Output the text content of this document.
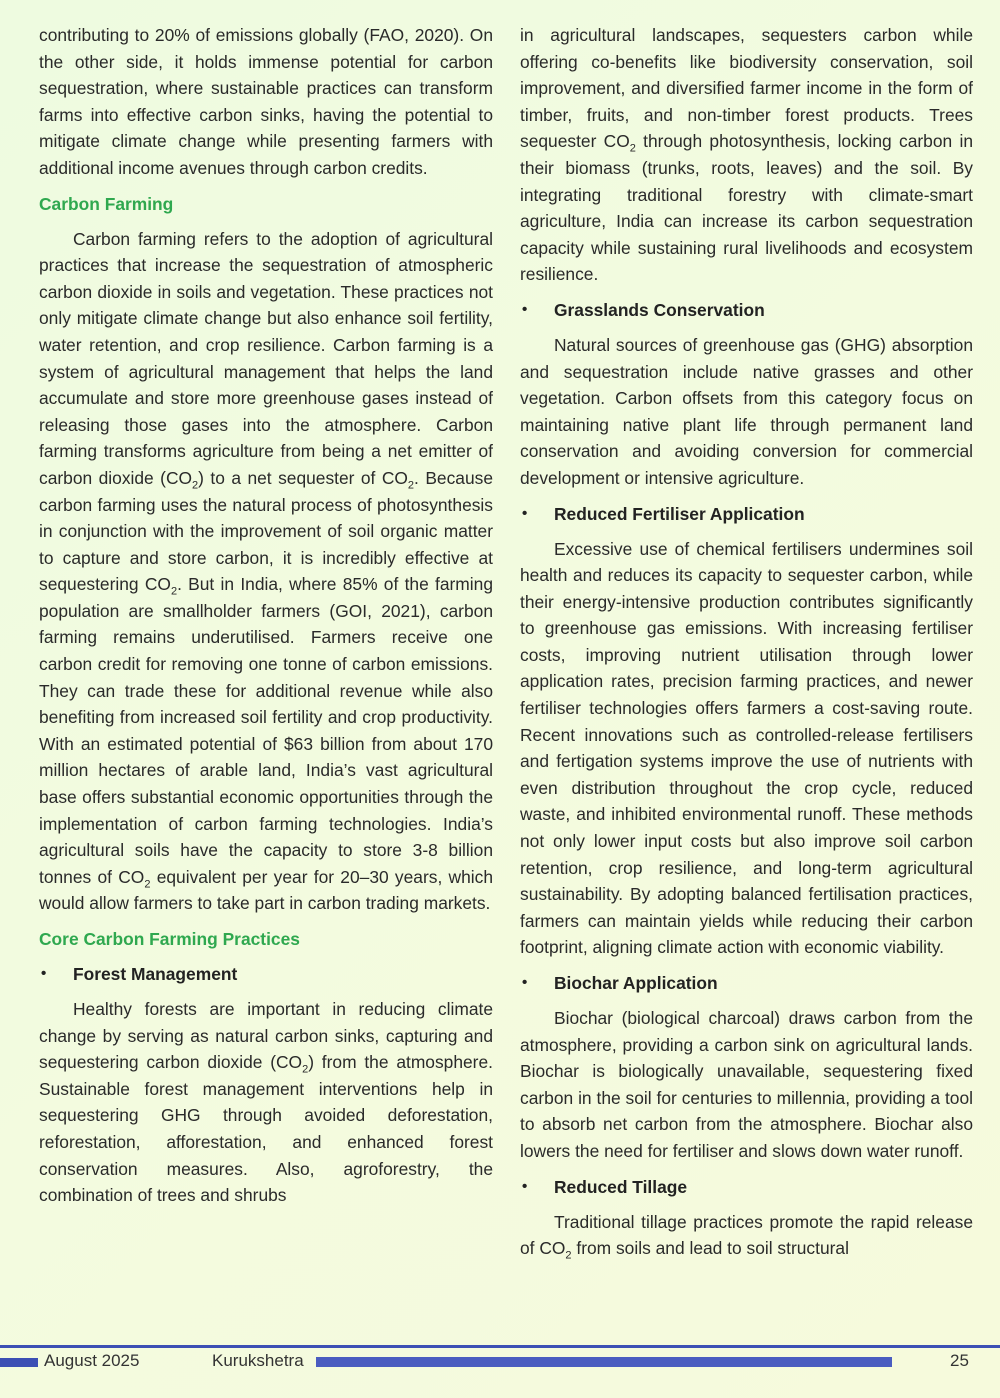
contributing to 20% of emissions globally (FAO, 2020). On the other side, it holds immense potential for carbon sequestration, where sustainable practices can transform farms into effective carbon sinks, having the potential to mitigate climate change while presenting farmers with additional income avenues through carbon credits.

Carbon Farming

Carbon farming refers to the adoption of agricultural practices that increase the sequestration of atmospheric carbon dioxide in soils and vegetation. These practices not only mitigate climate change but also enhance soil fertility, water retention, and crop resilience. Carbon farming is a system of agricultural management that helps the land accumulate and store more greenhouse gases instead of releasing those gases into the atmosphere. Carbon farming transforms agriculture from being a net emitter of carbon dioxide $(CO_2)$ to a net sequester of $CO_2$. Because carbon farming uses the natural process of photosynthesis in conjunction with the improvement of soil organic matter to capture and store carbon, it is incredibly effective at sequestering $CO_2$. But in India, where 85% of the farming population are smallholder farmers (GOI, 2021), carbon farming remains underutilised. Farmers receive one carbon credit for removing one tonne of carbon emissions. They can trade these for additional revenue while also benefiting from increased soil fertility and crop productivity. With an estimated potential of $63 billion from about 170 million hectares of arable land, India’s vast agricultural base offers substantial economic opportunities through the implementation of carbon farming technologies. India’s agricultural soils have the capacity to store 3-8 billion tonnes of $CO_2$ equivalent per year for 20–30 years, which would allow farmers to take part in carbon trading markets.

Core Carbon Farming Practices
•
Forest Management

Healthy forests are important in reducing climate change by serving as natural carbon sinks, capturing and sequestering carbon dioxide $(CO_2)$ from the atmosphere. Sustainable forest management interventions help in sequestering GHG through avoided deforestation, reforestation, afforestation, and enhanced forest conservation measures. Also, agroforestry, the combination of trees and shrubs

in agricultural landscapes, sequesters carbon while offering co-benefits like biodiversity conservation, soil improvement, and diversified farmer income in the form of timber, fruits, and non-timber forest products. Trees sequester $CO_2$ through photosynthesis, locking carbon in their biomass (trunks, roots, leaves) and the soil. By integrating traditional forestry with climate-smart agriculture, India can increase its carbon sequestration capacity while sustaining rural livelihoods and ecosystem resilience.

•
Grasslands Conservation

Natural sources of greenhouse gas (GHG) absorption and sequestration include native grasses and other vegetation. Carbon offsets from this category focus on maintaining native plant life through permanent land conservation and avoiding conversion for commercial development or intensive agriculture.

•
Reduced Fertiliser Application

Excessive use of chemical fertilisers undermines soil health and reduces its capacity to sequester carbon, while their energy-intensive production contributes significantly to greenhouse gas emissions. With increasing fertiliser costs, improving nutrient utilisation through lower application rates, precision farming practices, and newer fertiliser technologies offers farmers a cost-saving route. Recent innovations such as controlled-release fertilisers and fertigation systems improve the use of nutrients with even distribution throughout the crop cycle, reduced waste, and inhibited environmental runoff. These methods not only lower input costs but also improve soil carbon retention, crop resilience, and long-term agricultural sustainability. By adopting balanced fertilisation practices, farmers can maintain yields while reducing their carbon footprint, aligning climate action with economic viability.

•
Biochar Application

Biochar (biological charcoal) draws carbon from the atmosphere, providing a carbon sink on agricultural lands. Biochar is biologically unavailable, sequestering fixed carbon in the soil for centuries to millennia, providing a tool to absorb net carbon from the atmosphere. Biochar also lowers the need for fertiliser and slows down water runoff.

•
Reduced Tillage

Traditional tillage practices promote the rapid release of $CO_2$ from soils and lead to soil structural

August 2025	Kurukshetra	25
